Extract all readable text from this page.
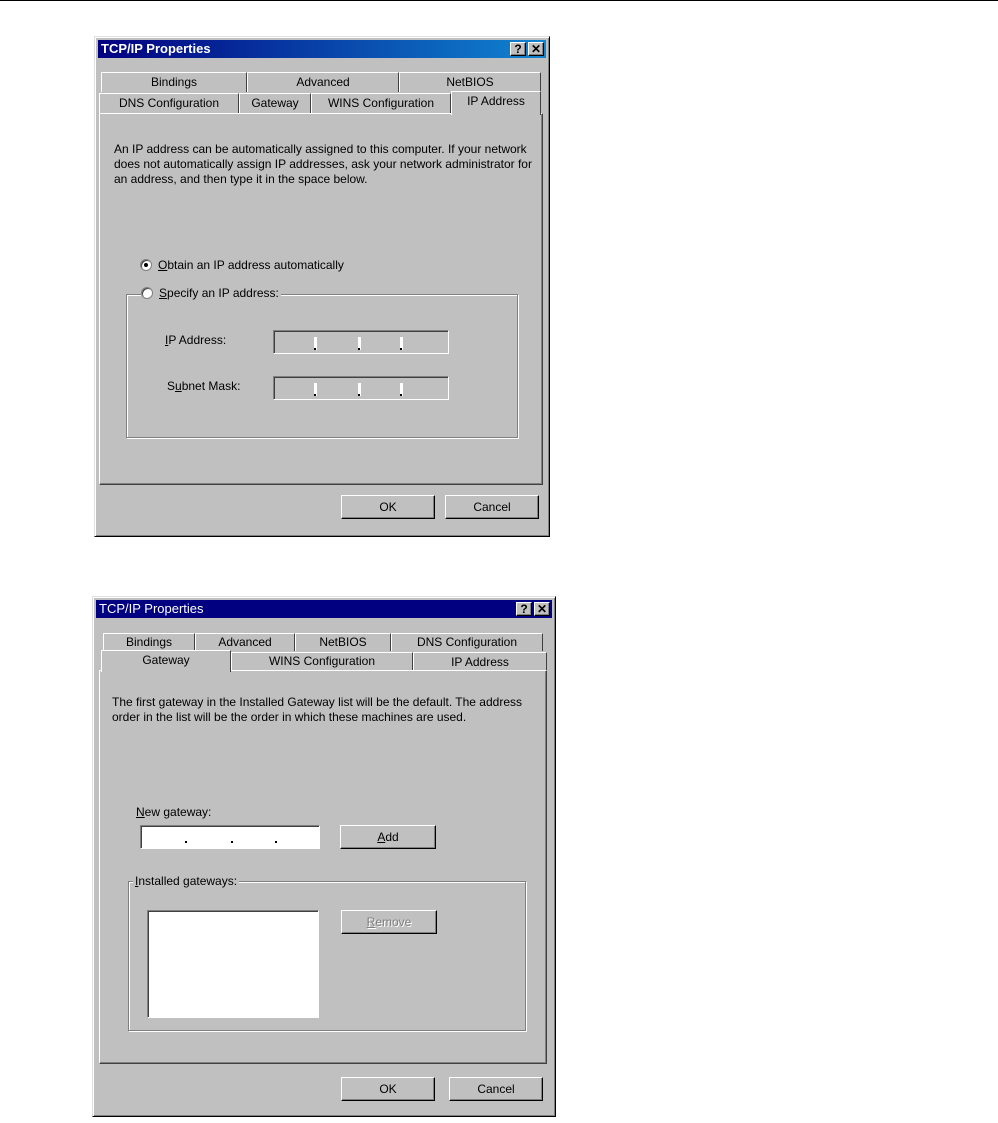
TCP/IP Properties	? ✕
Bindings	Advanced	NetBIOS
DNS Configuration	Gateway	WINS Configuration	IP Address
An IP address can be automatically assigned to this computer. If your network does not automatically assign IP addresses, ask your network administrator for an address, and then type it in the space below.
Obtain an IP address automatically
Specify an IP address:
IP Address:
Subnet Mask:
OK	Cancel
TCP/IP Properties	? ✕
Bindings	Advanced	NetBIOS	DNS Configuration
Gateway	WINS Configuration	IP Address
The first gateway in the Installed Gateway list will be the default. The address order in the list will be the order in which these machines are used.
New gateway:
Add
Installed gateways:
Remove
OK	Cancel
